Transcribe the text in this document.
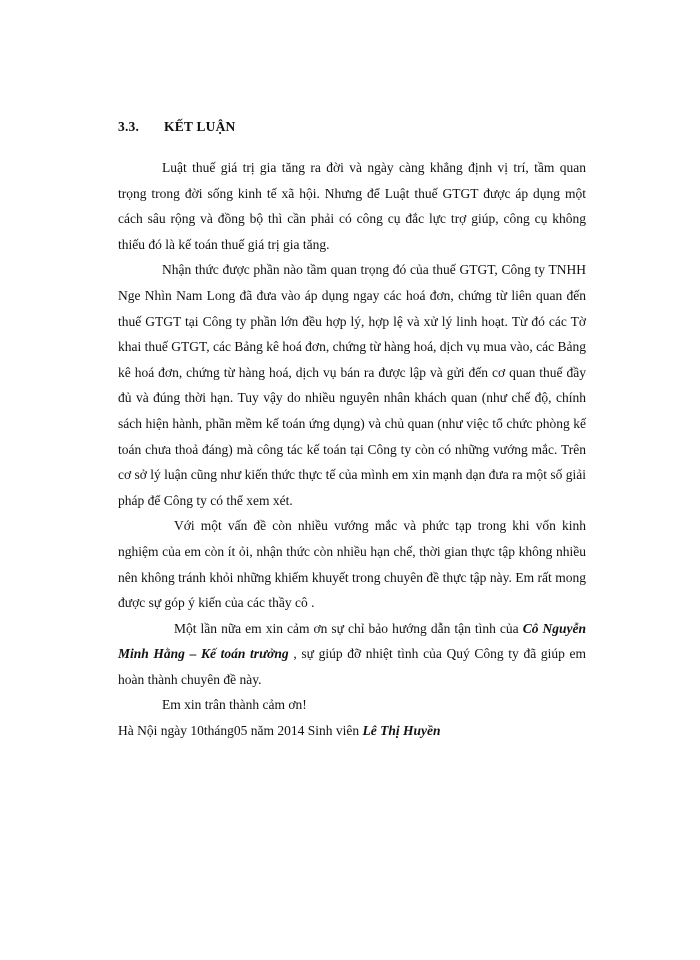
3.3. KẾT LUẬN

Luật thuế giá trị gia tăng ra đời và ngày càng khẳng định vị trí, tầm quan trọng trong đời sống kinh tế xã hội. Nhưng để Luật thuế GTGT được áp dụng một cách sâu rộng và đồng bộ thì cần phải có công cụ đắc lực trợ giúp, công cụ không thiếu đó là kế toán thuế giá trị gia tăng.

Nhận thức được phần nào tầm quan trọng đó của thuế GTGT, Công ty TNHH Nge Nhìn Nam Long đã đưa vào áp dụng ngay các hoá đơn, chứng từ liên quan đến thuế GTGT tại Công ty phần lớn đều hợp lý, hợp lệ và xử lý linh hoạt. Từ đó các Tờ khai thuế GTGT, các Bảng kê hoá đơn, chứng từ hàng hoá, dịch vụ mua vào, các Bảng kê hoá đơn, chứng từ hàng hoá, dịch vụ bán ra được lập và gửi đến cơ quan thuế đầy đủ và đúng thời hạn. Tuy vậy do nhiều nguyên nhân khách quan (như chế độ, chính sách hiện hành, phần mềm kế toán ứng dụng) và chủ quan (như việc tổ chức phòng kế toán chưa thoả đáng) mà công tác kế toán tại Công ty còn có những vướng mắc. Trên cơ sở lý luận cũng như kiến thức thực tế của mình em xin mạnh dạn đưa ra một số giải pháp để Công ty có thể xem xét.

Với một vấn đề còn nhiều vướng mắc và phức tạp trong khi vốn kinh nghiệm của em còn ít ỏi, nhận thức còn nhiều hạn chế, thời gian thực tập không nhiều nên không tránh khỏi những khiếm khuyết trong chuyên đề thực tập này. Em rất mong được sự góp ý kiến của các thầy cô .

Một lần nữa em xin cảm ơn sự chỉ bảo hướng dẫn tận tình của Cô Nguyễn Minh Hằng – Kế toán trưởng , sự giúp đỡ nhiệt tình của Quý Công ty đã giúp em hoàn thành chuyên đề này.

Em xin trân thành cảm ơn!

Hà Nội ngày 10tháng05 năm 2014 Sinh viên Lê Thị Huyền
